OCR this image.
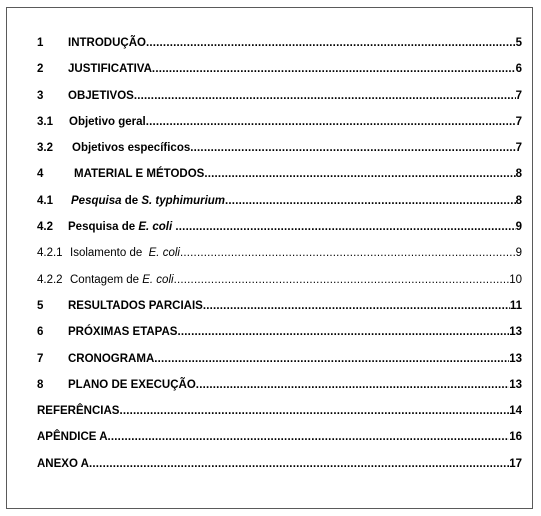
1	INTRODUÇÃO .....	5
2	JUSTIFICATIVA .....	6
3	OBJETIVOS .....	7
3.1	Objetivo geral .....	7
3.2	Objetivos específicos .....	7
4	MATERIAL E MÉTODOS .....	8
4.1	Pesquisa de S. typhimurium .....	8
4.2	Pesquisa de E. coli .....	9
4.2.1 Isolamento de  E. coli .....	9
4.2.2 Contagem de E. coli .....	10
5	RESULTADOS PARCIAIS .....	11
6	PRÓXIMAS ETAPAS .....	13
7	CRONOGRAMA .....	13
8	PLANO DE EXECUÇÃO .....	13
REFERÊNCIAS .....	14
APÊNDICE A .....	16
ANEXO A .....	17
